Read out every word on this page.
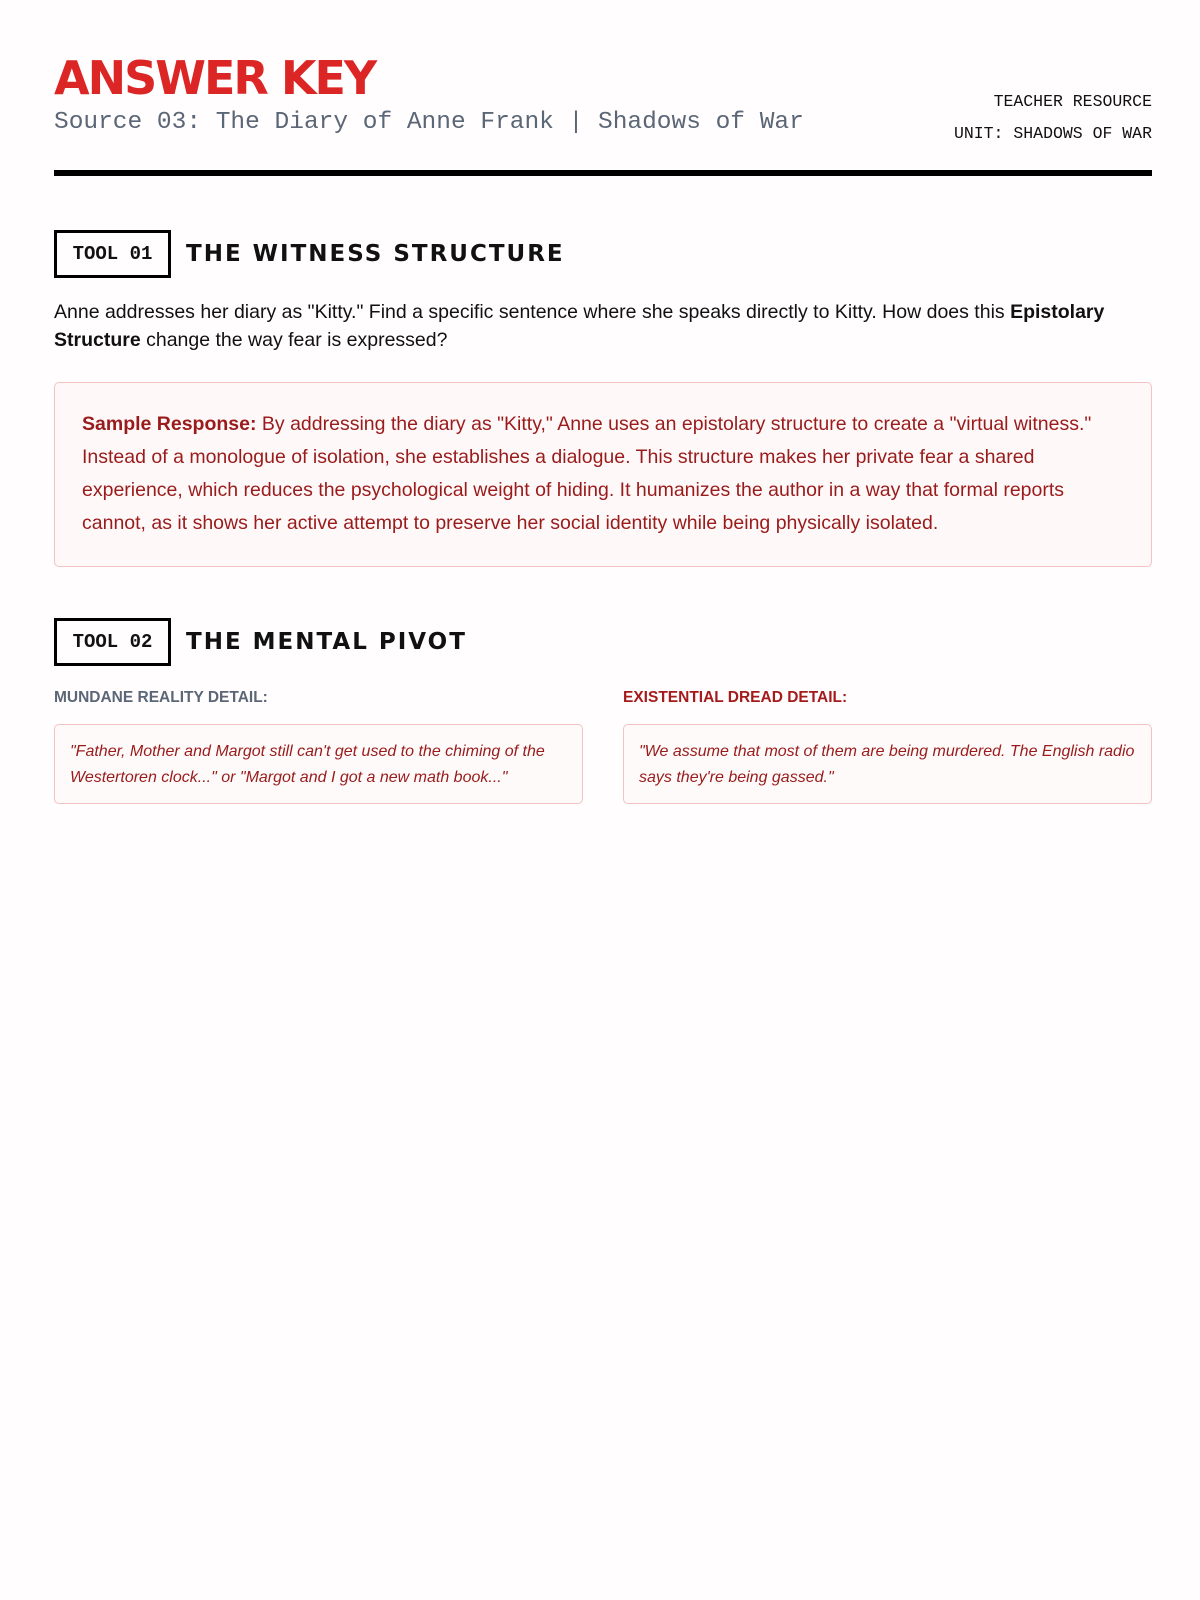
ANSWER KEY
Source 03: The Diary of Anne Frank | Shadows of War
TEACHER RESOURCE
UNIT: SHADOWS OF WAR
TOOL 01	THE WITNESS STRUCTURE

Anne addresses her diary as "Kitty." Find a specific sentence where she speaks directly to Kitty. How does this Epistolary Structure change the way fear is expressed?

Sample Response: By addressing the diary as "Kitty," Anne uses an epistolary structure to create a "virtual witness." Instead of a monologue of isolation, she establishes a dialogue. This structure makes her private fear a shared experience, which reduces the psychological weight of hiding. It humanizes the author in a way that formal reports cannot, as it shows her active attempt to preserve her social identity while being physically isolated.
TOOL 02	THE MENTAL PIVOT
MUNDANE REALITY DETAIL:
"Father, Mother and Margot still can't get used to the chiming of the Westertoren clock..." or "Margot and I got a new math book..."
EXISTENTIAL DREAD DETAIL:
"We assume that most of them are being murdered. The English radio says they're being gassed."
